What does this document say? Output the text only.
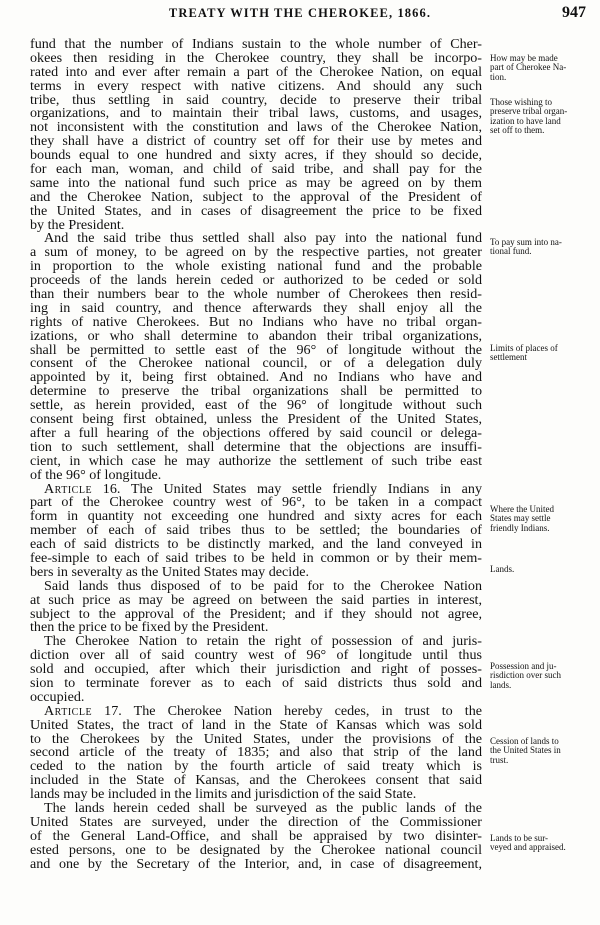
TREATY WITH THE CHEROKEE, 1866.	947
fund that the number of Indians sustain to the whole number of Cher-
okees then residing in the Cherokee country, they shall be incorpo-
rated into and ever after remain a part of the Cherokee Nation, on equal
terms in every respect with native citizens. And should any such
tribe, thus settling in said country, decide to preserve their tribal
organizations, and to maintain their tribal laws, customs, and usages,
not inconsistent with the constitution and laws of the Cherokee Nation,
they shall have a district of country set off for their use by metes and
bounds equal to one hundred and sixty acres, if they should so decide,
for each man, woman, and child of said tribe, and shall pay for the
same into the national fund such price as may be agreed on by them
and the Cherokee Nation, subject to the approval of the President of
the United States, and in cases of disagreement the price to be fixed
by the President.
And the said tribe thus settled shall also pay into the national fund
a sum of money, to be agreed on by the respective parties, not greater
in proportion to the whole existing national fund and the probable
proceeds of the lands herein ceded or authorized to be ceded or sold
than their numbers bear to the whole number of Cherokees then resid-
ing in said country, and thence afterwards they shall enjoy all the
rights of native Cherokees. But no Indians who have no tribal organ-
izations, or who shall determine to abandon their tribal organizations,
shall be permitted to settle east of the 96° of longitude without the
consent of the Cherokee national council, or of a delegation duly
appointed by it, being first obtained. And no Indians who have and
determine to preserve the tribal organizations shall be permitted to
settle, as herein provided, east of the 96° of longitude without such
consent being first obtained, unless the President of the United States,
after a full hearing of the objections offered by said council or delega-
tion to such settlement, shall determine that the objections are insuffi-
cient, in which case he may authorize the settlement of such tribe east
of the 96° of longitude.
Article 16. The United States may settle friendly Indians in any
part of the Cherokee country west of 96°, to be taken in a compact
form in quantity not exceeding one hundred and sixty acres for each
member of each of said tribes thus to be settled; the boundaries of
each of said districts to be distinctly marked, and the land conveyed in
fee-simple to each of said tribes to be held in common or by their mem-
bers in severalty as the United States may decide.
Said lands thus disposed of to be paid for to the Cherokee Nation
at such price as may be agreed on between the said parties in interest,
subject to the approval of the President; and if they should not agree,
then the price to be fixed by the President.
The Cherokee Nation to retain the right of possession of and juris-
diction over all of said country west of 96° of longitude until thus
sold and occupied, after which their jurisdiction and right of posses-
sion to terminate forever as to each of said districts thus sold and
occupied.
Article 17. The Cherokee Nation hereby cedes, in trust to the
United States, the tract of land in the State of Kansas which was sold
to the Cherokees by the United States, under the provisions of the
second article of the treaty of 1835; and also that strip of the land
ceded to the nation by the fourth article of said treaty which is
included in the State of Kansas, and the Cherokees consent that said
lands may be included in the limits and jurisdiction of the said State.
The lands herein ceded shall be surveyed as the public lands of the
United States are surveyed, under the direction of the Commissioner
of the General Land-Office, and shall be appraised by two disinter-
ested persons, one to be designated by the Cherokee national council
and one by the Secretary of the Interior, and, in case of disagreement,
How may be made
part of Cherokee Na-
tion.
Those wishing to
preserve tribal organ-
ization to have land
set off to them.
To pay sum into na-
tional fund.
Limits of places of
settlement
Where the United
States may settle
friendly Indians.
Lands.
Possession and ju-
risdiction over such
lands.
Cession of lands to
the United States in
trust.
Lands to be sur-
veyed and appraised.
